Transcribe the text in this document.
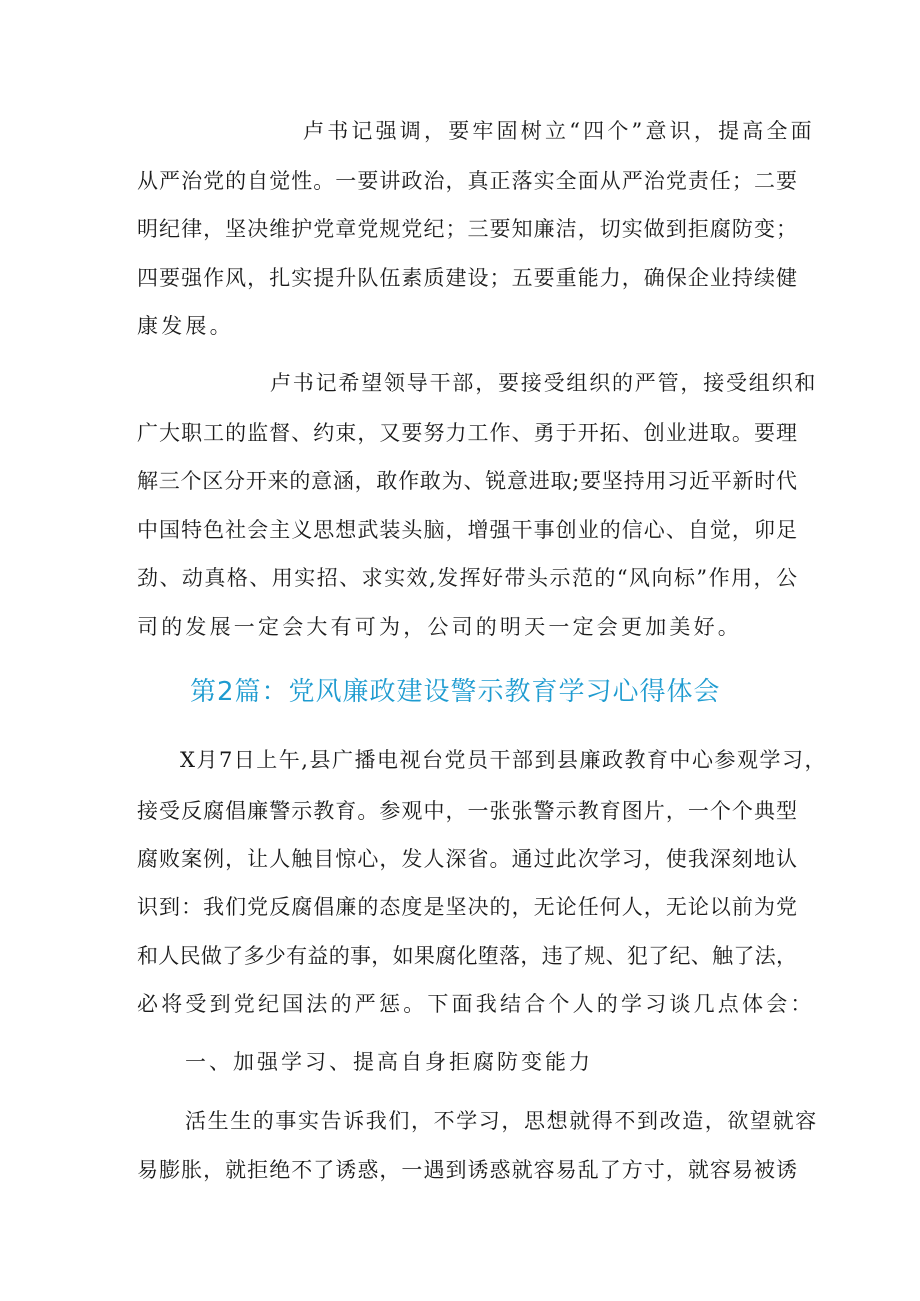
卢书记强调，要牢固树立“四个”意识，提高全面
从严治党的自觉性。一要讲政治，真正落实全面从严治党责任；二要
明纪律，坚决维护党章党规党纪；三要知廉洁，切实做到拒腐防变；
四要强作风，扎实提升队伍素质建设；五要重能力，确保企业持续健
康发展。
卢书记希望领导干部，要接受组织的严管，接受组织和
广大职工的监督、约束，又要努力工作、勇于开拓、创业进取。要理
解三个区分开来的意涵，敢作敢为、锐意进取;要坚持用习近平新时代
中国特色社会主义思想武装头脑，增强干事创业的信心、自觉，卯足
劲、动真格、用实招、求实效,发挥好带头示范的“风向标”作用，公
司的发展一定会大有可为，公司的明天一定会更加美好。
第2篇：党风廉政建设警示教育学习心得体会
X月7日上午,县广播电视台党员干部到县廉政教育中心参观学习，
接受反腐倡廉警示教育。参观中，一张张警示教育图片，一个个典型
腐败案例，让人触目惊心，发人深省。通过此次学习，使我深刻地认
识到：我们党反腐倡廉的态度是坚决的，无论任何人，无论以前为党
和人民做了多少有益的事，如果腐化堕落，违了规、犯了纪、触了法，
必将受到党纪国法的严惩。下面我结合个人的学习谈几点体会：
一、加强学习、提高自身拒腐防变能力
活生生的事实告诉我们，不学习，思想就得不到改造，欲望就容
易膨胀，就拒绝不了诱惑，一遇到诱惑就容易乱了方寸，就容易被诱
